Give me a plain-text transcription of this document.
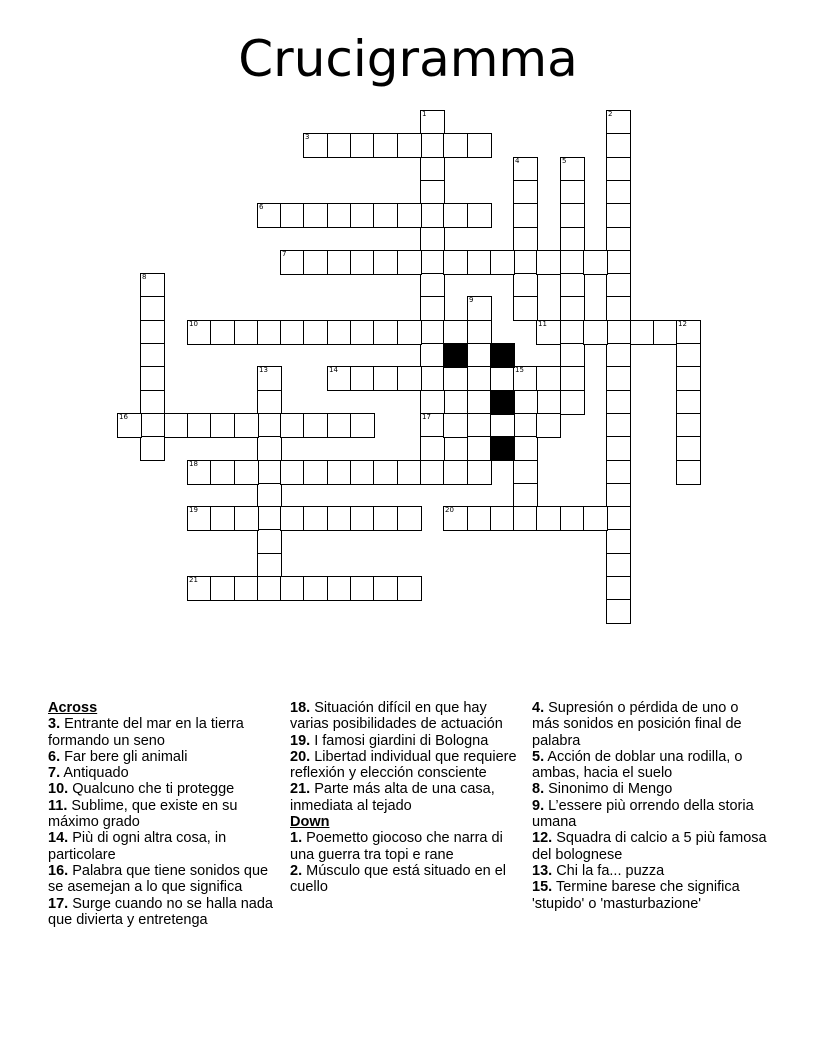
Crucigramma
1
17
2
3
4	5
6
7
8
9
10	11	12
13	14	15
16
18
19	20
21

Across

3. Entrante del mar en la tierra formando un seno

6. Far bere gli animali

7. Antiquado

10. Qualcuno che ti protegge

11. Sublime, que existe en su máximo grado

14. Più di ogni altra cosa, in particolare

16. Palabra que tiene sonidos que se asemejan a lo que significa

17. Surge cuando no se halla nada que divierta y entretenga

18. Situación difícil en que hay varias posibilidades de actuación

19. I famosi giardini di Bologna

20. Libertad individual que requiere reflexión y elección consciente

21. Parte más alta de una casa, inmediata al tejado

Down

1. Poemetto giocoso che narra di una guerra tra topi e rane

2. Músculo que está situado en el cuello

4. Supresión o pérdida de uno o más sonidos en posición final de palabra

5. Acción de doblar una rodilla, o ambas, hacia el suelo

8. Sinonimo di Mengo

9. L’essere più orrendo della storia umana

12. Squadra di calcio a 5 più famosa del bolognese

13. Chi la fa... puzza

15. Termine barese che significa 'stupido' o 'masturbazione'
